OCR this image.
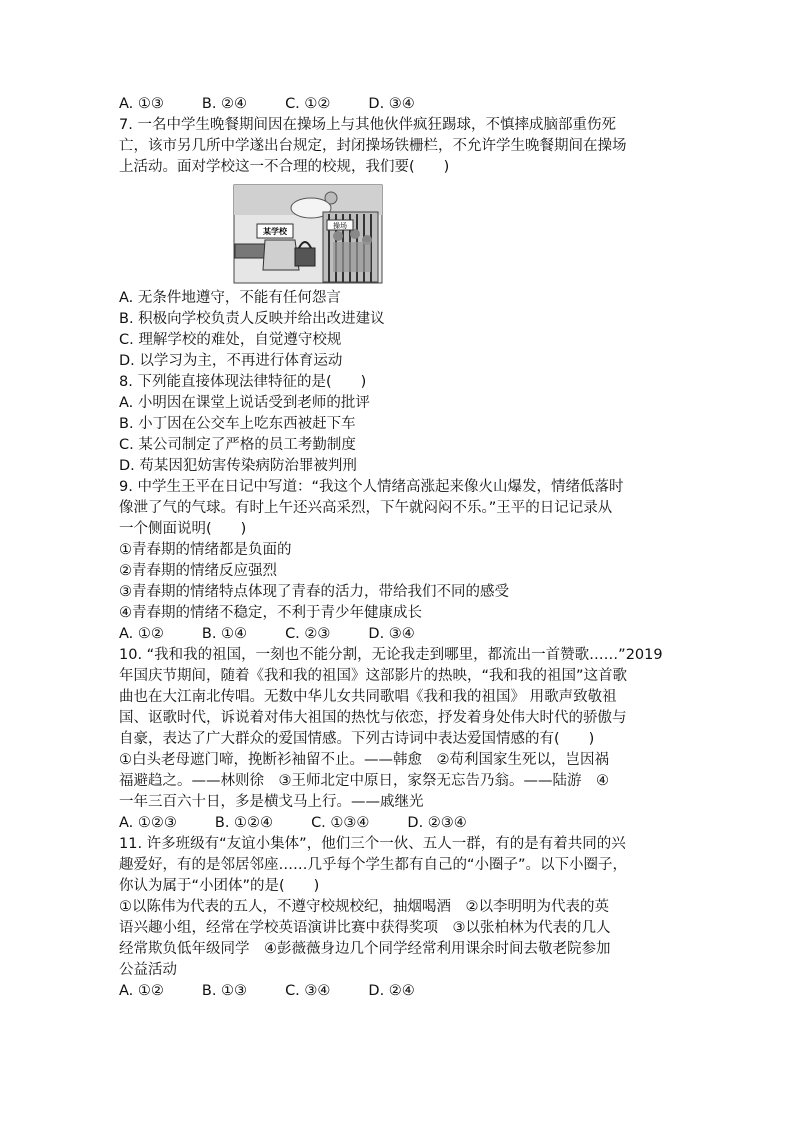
A. ①③	B. ②④	C. ①②	D. ③④
7. 一名中学生晚餐期间因在操场上与其他伙伴疯狂踢球，不慎摔成脑部重伤死
亡，该市另几所中学遂出台规定，封闭操场铁栅栏，不允许学生晚餐期间在操场
上活动。面对学校这一不合理的校规，我们要(　　)
操场
某学校
A. 无条件地遵守，不能有任何怨言
B. 积极向学校负责人反映并给出改进建议
C. 理解学校的难处，自觉遵守校规
D. 以学习为主，不再进行体育运动
8. 下列能直接体现法律特征的是(　　)
A. 小明因在课堂上说话受到老师的批评
B. 小丁因在公交车上吃东西被赶下车
C. 某公司制定了严格的员工考勤制度
D. 苟某因犯妨害传染病防治罪被判刑
9. 中学生王平在日记中写道：“我这个人情绪高涨起来像火山爆发，情绪低落时
像泄了气的气球。有时上午还兴高采烈，下午就闷闷不乐。”王平的日记记录从
一个侧面说明(　　)
①青春期的情绪都是负面的
②青春期的情绪反应强烈
③青春期的情绪特点体现了青春的活力，带给我们不同的感受
④青春期的情绪不稳定，不利于青少年健康成长
A. ①②	B. ①④	C. ②③	D. ③④
10. “我和我的祖国，一刻也不能分割，无论我走到哪里，都流出一首赞歌……”2019
年国庆节期间，随着《我和我的祖国》这部影片的热映，“我和我的祖国”这首歌
曲也在大江南北传唱。无数中华儿女共同歌唱《我和我的祖国》 用歌声致敬祖
国、讴歌时代，诉说着对伟大祖国的热忱与依恋，抒发着身处伟大时代的骄傲与
自豪，表达了广大群众的爱国情感。下列古诗词中表达爱国情感的有(　　)
①白头老母遮门啼，挽断衫袖留不止。——韩愈　②苟利国家生死以，岂因祸
福避趋之。——林则徐　③王师北定中原日，家祭无忘告乃翁。——陆游　④
一年三百六十日，多是横戈马上行。——戚继光
A. ①②③	B. ①②④	C. ①③④	D. ②③④
11. 许多班级有“友谊小集体”，他们三个一伙、五人一群，有的是有着共同的兴
趣爱好，有的是邻居邻座……几乎每个学生都有自己的“小圈子”。以下小圈子，
你认为属于“小团体”的是(　　)
①以陈伟为代表的五人，不遵守校规校纪，抽烟喝酒　②以李明明为代表的英
语兴趣小组，经常在学校英语演讲比赛中获得奖项　③以张柏林为代表的几人
经常欺负低年级同学　④彭薇薇身边几个同学经常利用课余时间去敬老院参加
公益活动
A. ①②	B. ①③	C. ③④	D. ②④
